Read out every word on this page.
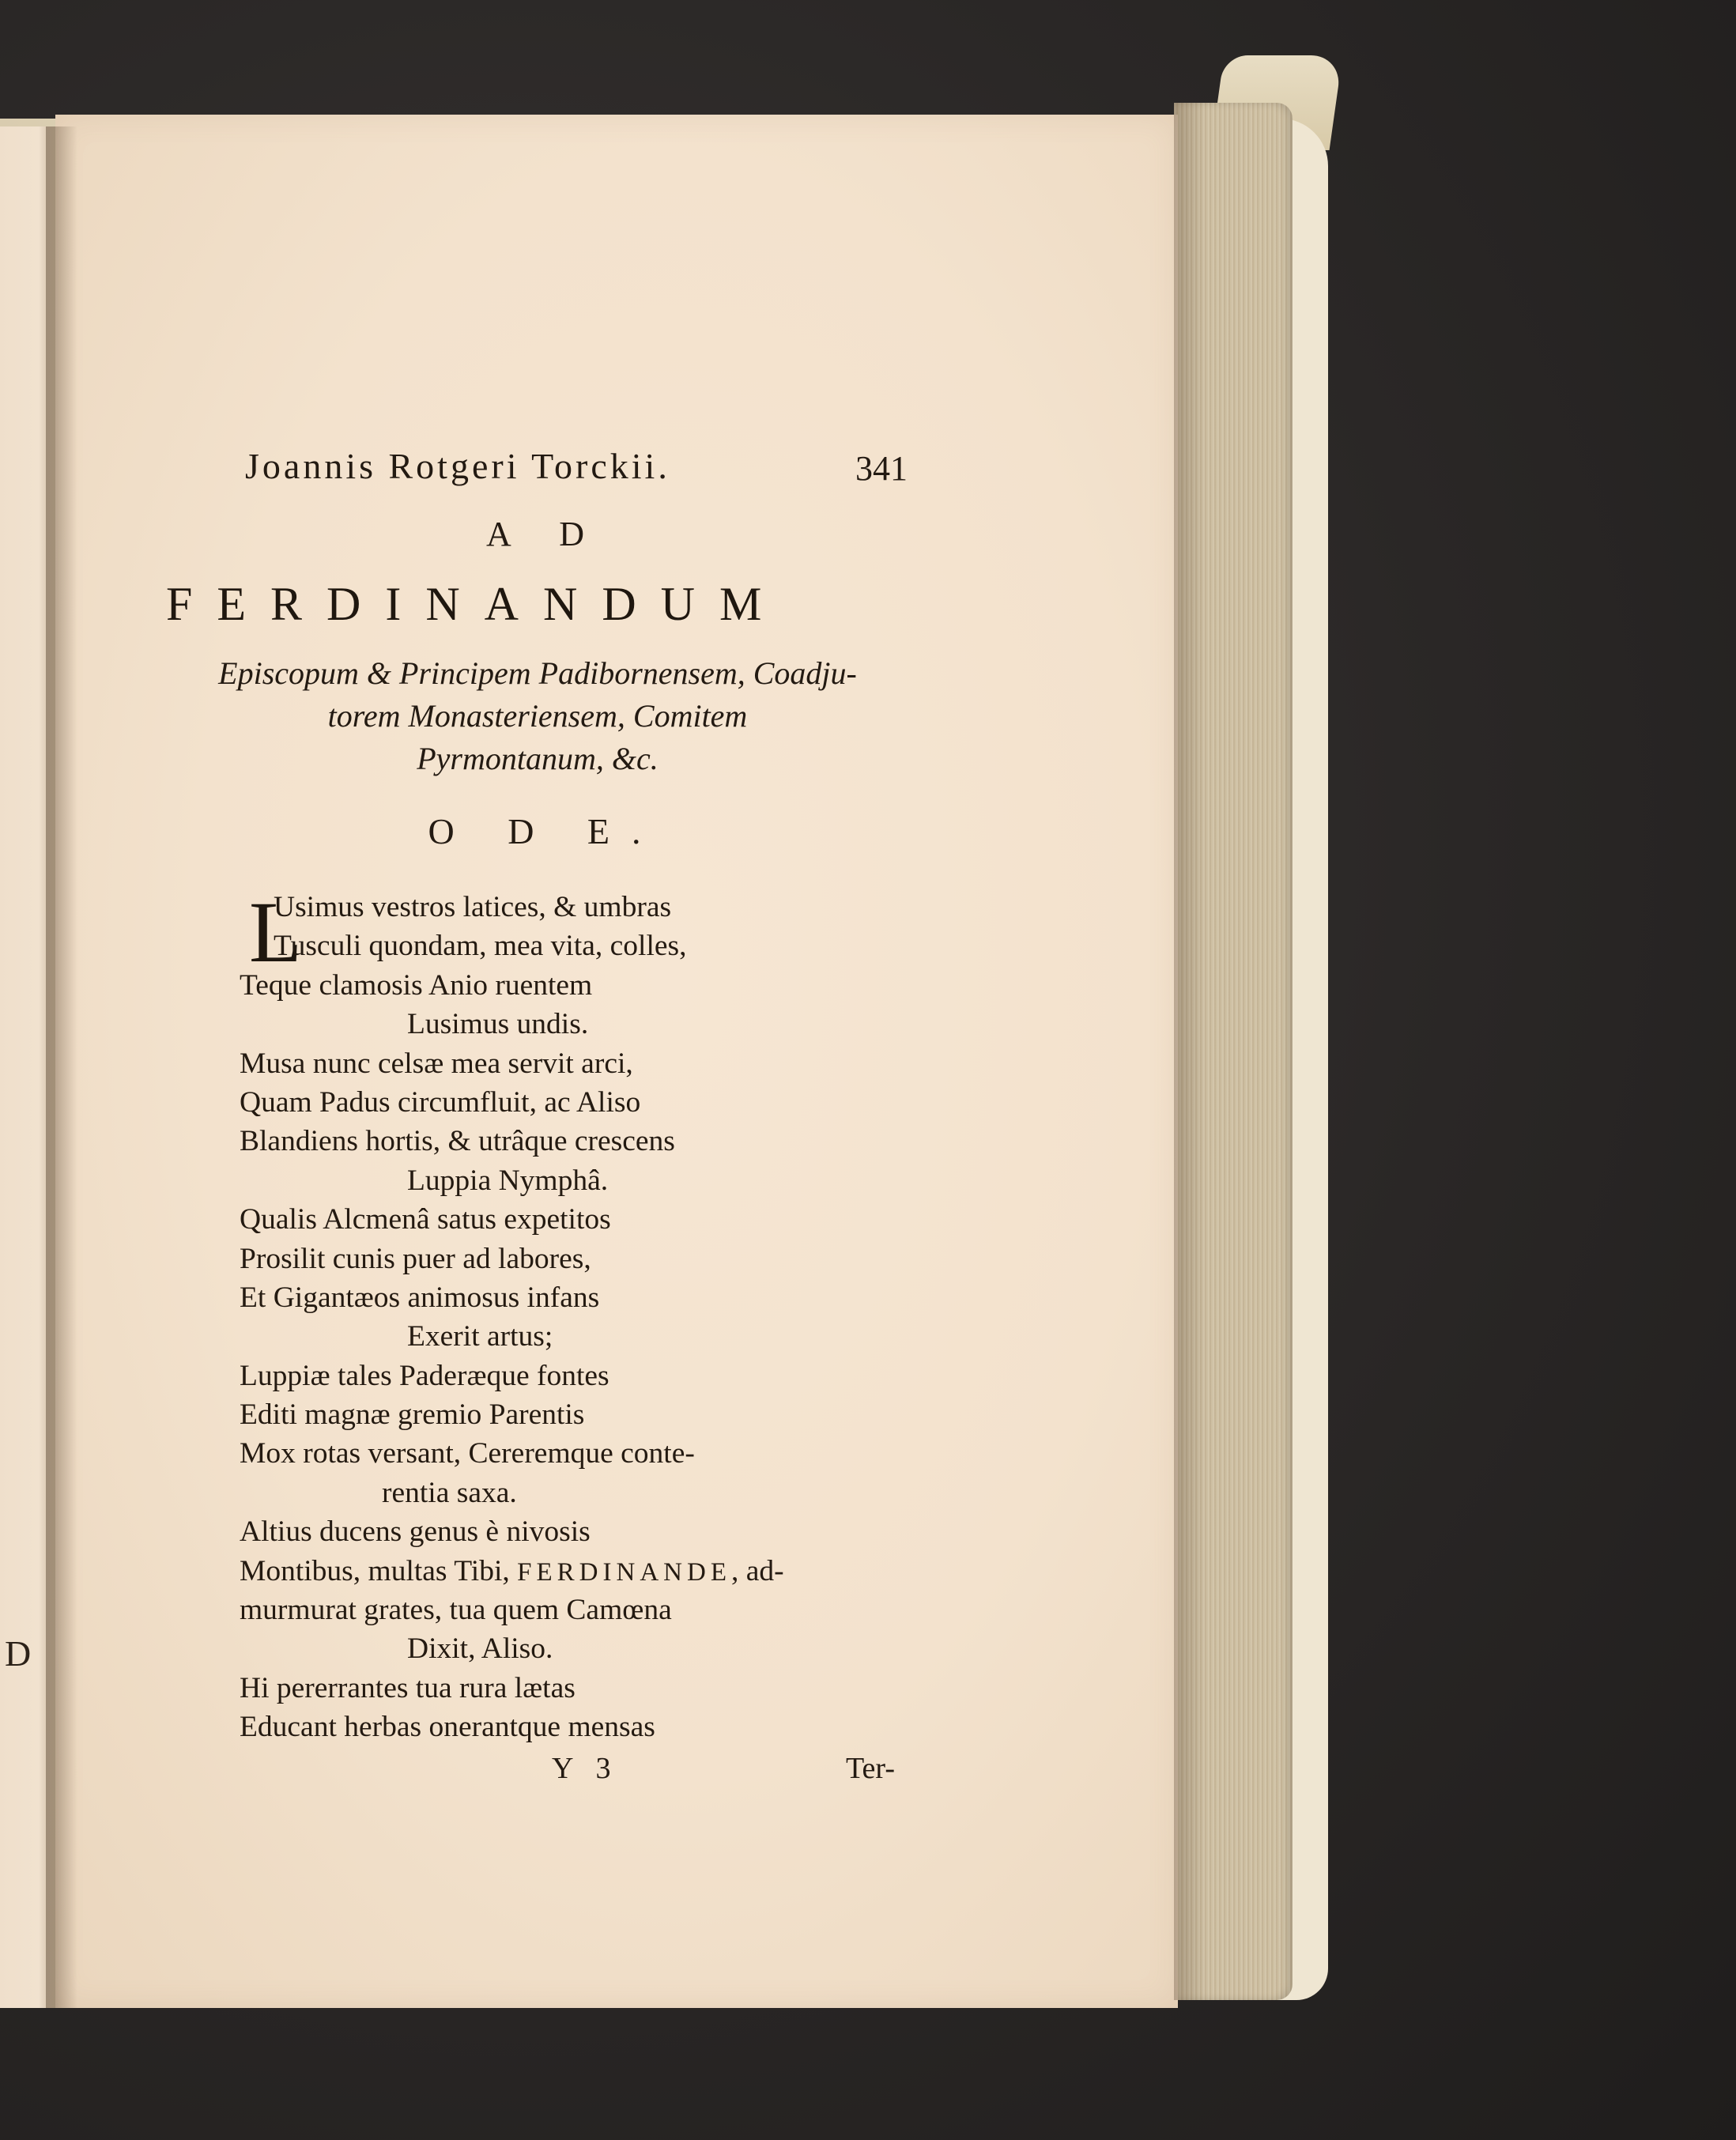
D
Joannis Rotgeri Torckii.	341
A D
FERDINANDUM
Episcopum & Principem Padibornensem, Coadju-
torem Monasteriensem, Comitem
Pyrmontanum, &c.
O D E.
L
Usimus vestros latices, & umbras
Tusculi quondam, mea vita, colles,
Teque clamosis Anio ruentem
Lusimus undis.
Musa nunc celsæ mea servit arci,
Quam Padus circumfluit, ac Aliso
Blandiens hortis, & utrâque crescens
Luppia Nymphâ.
Qualis Alcmenâ satus expetitos
Prosilit cunis puer ad labores,
Et Gigantæos animosus infans
Exerit artus;
Luppiæ tales Paderæque fontes
Editi magnæ gremio Parentis
Mox rotas versant, Cereremque conte-
rentia saxa.
Altius ducens genus è nivosis
Montibus, multas Tibi, FERDINANDE, ad-
murmurat grates, tua quem Camœna
Dixit, Aliso.
Hi pererrantes tua rura lætas
Educant herbas onerantque mensas
Y 3	Ter-
